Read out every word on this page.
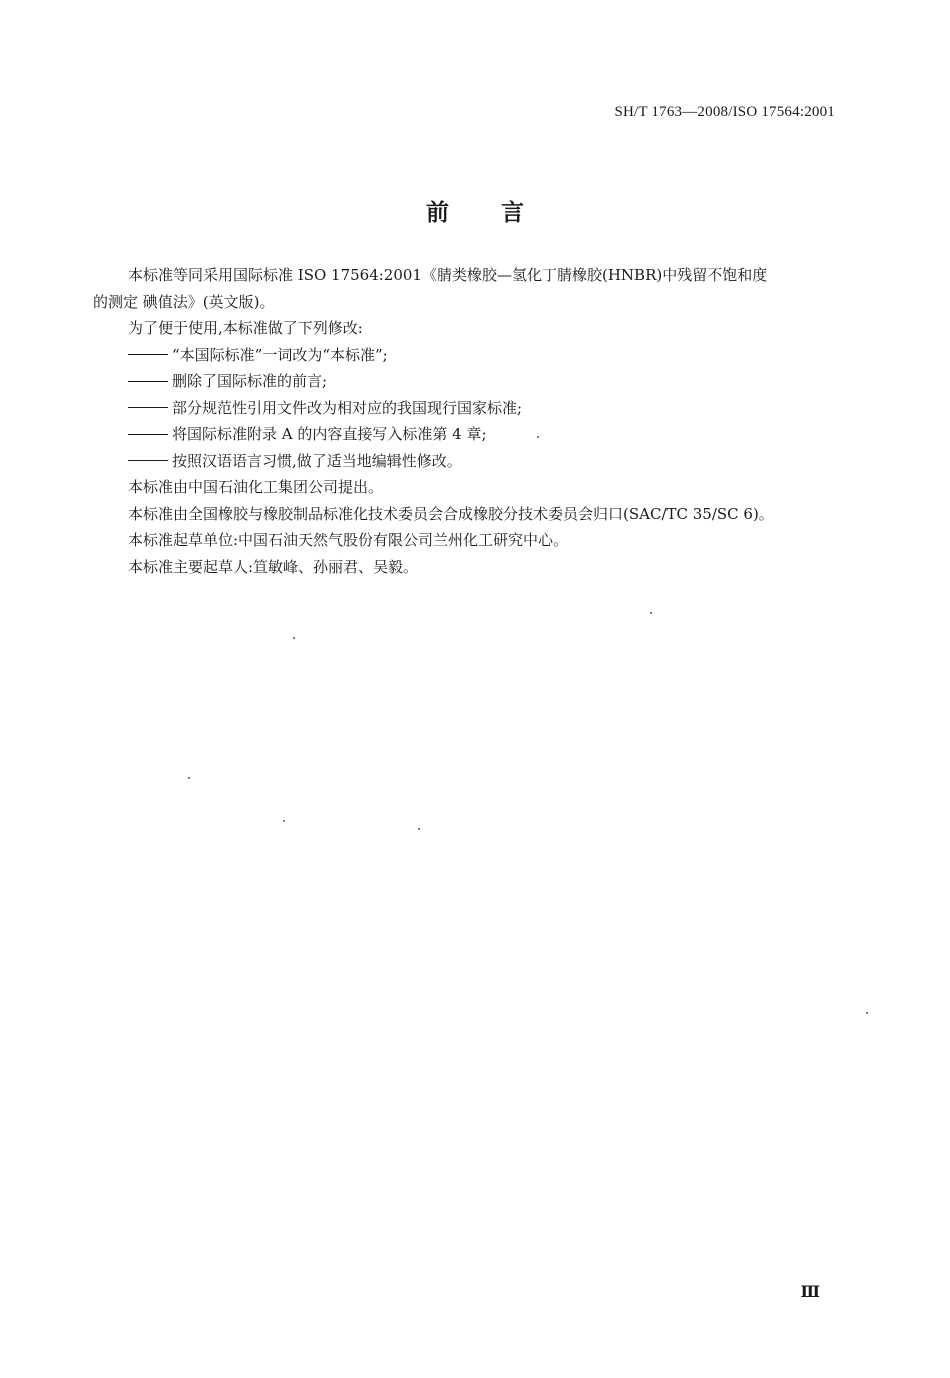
SH/T 1763—2008/ISO 17564:2001
前言

本标准等同采用国际标准 ISO 17564:2001《腈类橡胶—氢化丁腈橡胶(HNBR)中残留不饱和度

的测定 碘值法》(英文版)。

为了便于使用,本标准做了下列修改:

“本国际标准”一词改为“本标准”;

删除了国际标准的前言;

部分规范性引用文件改为相对应的我国现行国家标准;

将国际标准附录 A 的内容直接写入标准第 4 章;

按照汉语语言习惯,做了适当地编辑性修改。

本标准由中国石油化工集团公司提出。

本标准由全国橡胶与橡胶制品标准化技术委员会合成橡胶分技术委员会归口(SAC/TC 35/SC 6)。

本标准起草单位:中国石油天然气股份有限公司兰州化工研究中心。

本标准主要起草人:笪敏峰、孙丽君、吴毅。

Ⅲ
